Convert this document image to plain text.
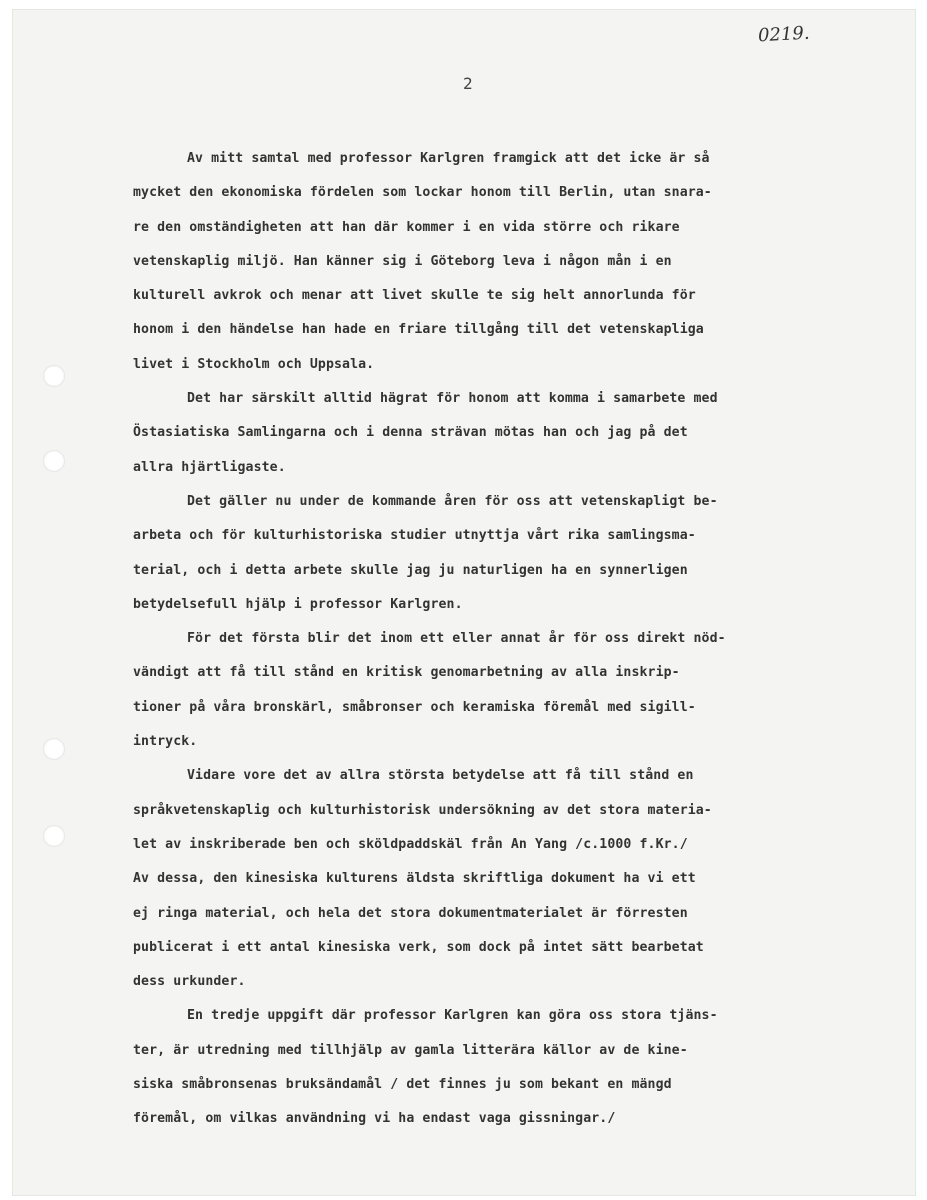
0219.
2
Av mitt samtal med professor Karlgren framgick att det icke är så
mycket den ekonomiska fördelen som lockar honom till Berlin, utan snara-
re den omständigheten att han där kommer i en vida större och rikare
vetenskaplig miljö. Han känner sig i Göteborg leva i någon mån i en
kulturell avkrok och menar att livet skulle te sig helt annorlunda för
honom i den händelse han hade en friare tillgång till det vetenskapliga
livet i Stockholm och Uppsala.
Det har särskilt alltid hägrat för honom att komma i samarbete med
Östasiatiska Samlingarna och i denna strävan mötas han och jag på det
allra hjärtligaste.
Det gäller nu under de kommande åren för oss att vetenskapligt be-
arbeta och för kulturhistoriska studier utnyttja vårt rika samlingsma-
terial, och i detta arbete skulle jag ju naturligen ha en synnerligen
betydelsefull hjälp i professor Karlgren.
För det första blir det inom ett eller annat år för oss direkt nöd-
vändigt att få till stånd en kritisk genomarbetning av alla inskrip-
tioner på våra bronskärl, småbronser och keramiska föremål med sigill-
intryck.
Vidare vore det av allra största betydelse att få till stånd en
språkvetenskaplig och kulturhistorisk undersökning av det stora materia-
let av inskriberade ben och sköldpaddskäl från An Yang /c.1000 f.Kr./
Av dessa, den kinesiska kulturens äldsta skriftliga dokument ha vi ett
ej ringa material, och hela det stora dokumentmaterialet är förresten
publicerat i ett antal kinesiska verk, som dock på intet sätt bearbetat
dess urkunder.
En tredje uppgift där professor Karlgren kan göra oss stora tjäns-
ter, är utredning med tillhjälp av gamla litterära källor av de kine-
siska småbronsenas bruksändamål / det finnes ju som bekant en mängd
föremål, om vilkas användning vi ha endast vaga gissningar./
